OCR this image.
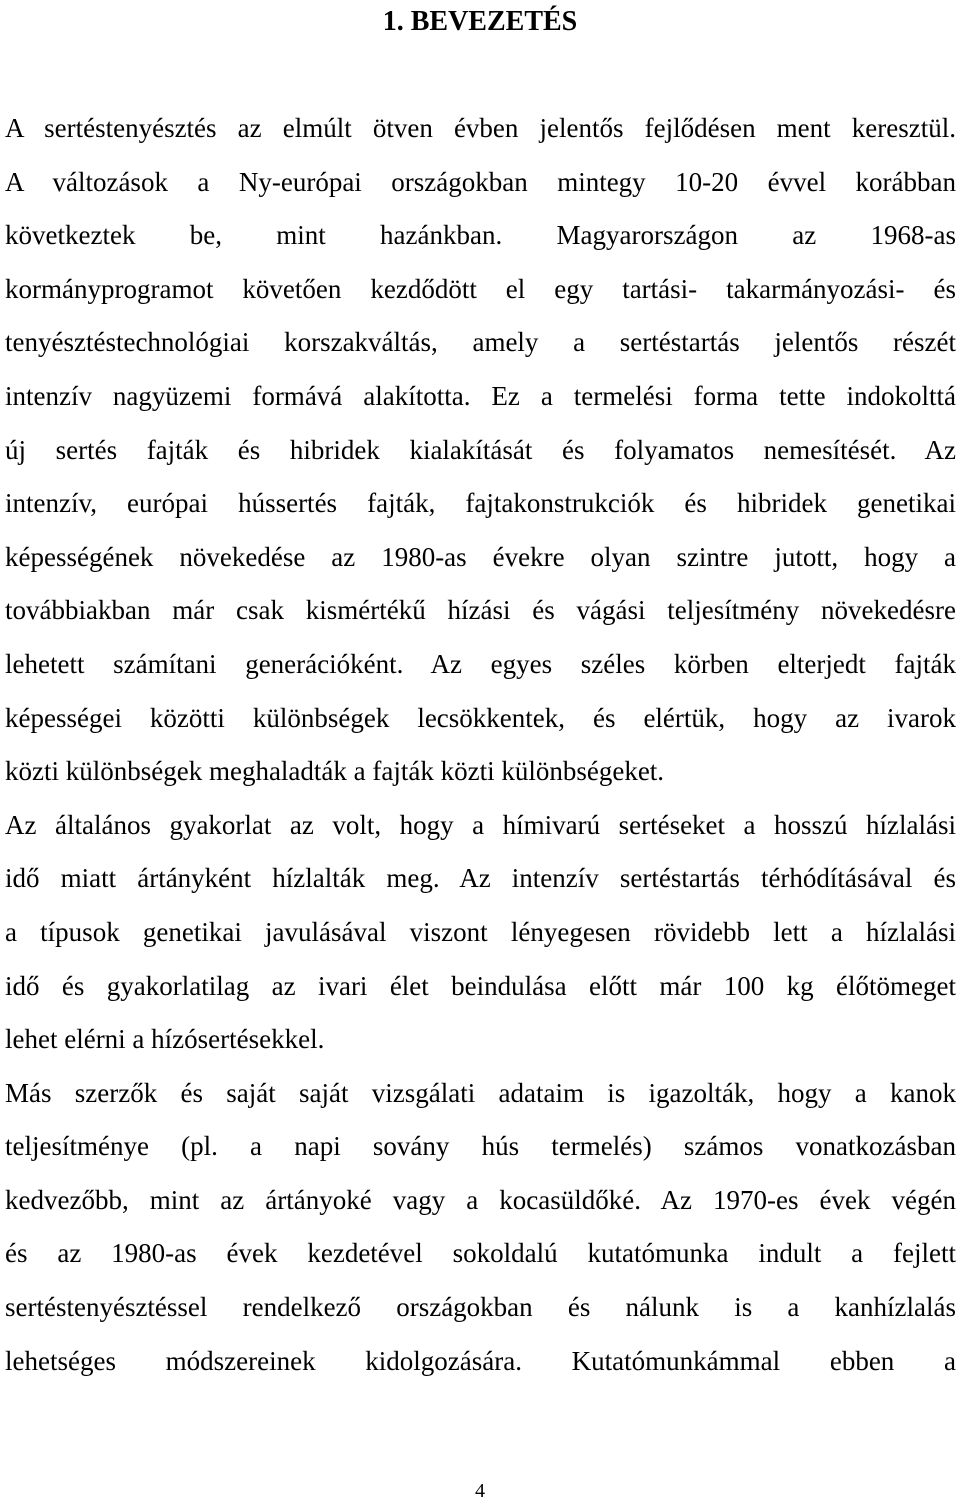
1. BEVEZETÉS

A sertéstenyésztés az elmúlt ötven évben jelentős fejlődésen ment keresztül.
A változások a Ny-európai országokban mintegy 10-20 évvel korábban
következtek be, mint hazánkban. Magyarországon az 1968-as
kormányprogramot követően kezdődött el egy tartási- takarmányozási- és
tenyésztéstechnológiai korszakváltás, amely a sertéstartás jelentős részét
intenzív nagyüzemi formává alakította. Ez a termelési forma tette indokolttá
új sertés fajták és hibridek kialakítását és folyamatos nemesítését. Az
intenzív, európai hússertés fajták, fajtakonstrukciók és hibridek genetikai
képességének növekedése az 1980-as évekre olyan szintre jutott, hogy a
továbbiakban már csak kismértékű hízási és vágási teljesítmény növekedésre
lehetett számítani generációként. Az egyes széles körben elterjedt fajták
képességei közötti különbségek lecsökkentek, és elértük, hogy az ivarok
közti különbségek meghaladták a fajták közti különbségeket.

Az általános gyakorlat az volt, hogy a hímivarú sertéseket a hosszú hízlalási
idő miatt ártányként hízlalták meg. Az intenzív sertéstartás térhódításával és
a típusok genetikai javulásával viszont lényegesen rövidebb lett a hízlalási
idő és gyakorlatilag az ivari élet beindulása előtt már 100 kg élőtömeget
lehet elérni a hízósertésekkel.

Más szerzők és saját saját vizsgálati adataim is igazolták, hogy a kanok
teljesítménye (pl. a napi sovány hús termelés) számos vonatkozásban
kedvezőbb, mint az ártányoké vagy a kocasüldőké. Az 1970-es évek végén
és az 1980-as évek kezdetével sokoldalú kutatómunka indult a fejlett
sertéstenyésztéssel rendelkező országokban és nálunk is a kanhízlalás
lehetséges módszereinek kidolgozására. Kutatómunkámmal ebben a

4
